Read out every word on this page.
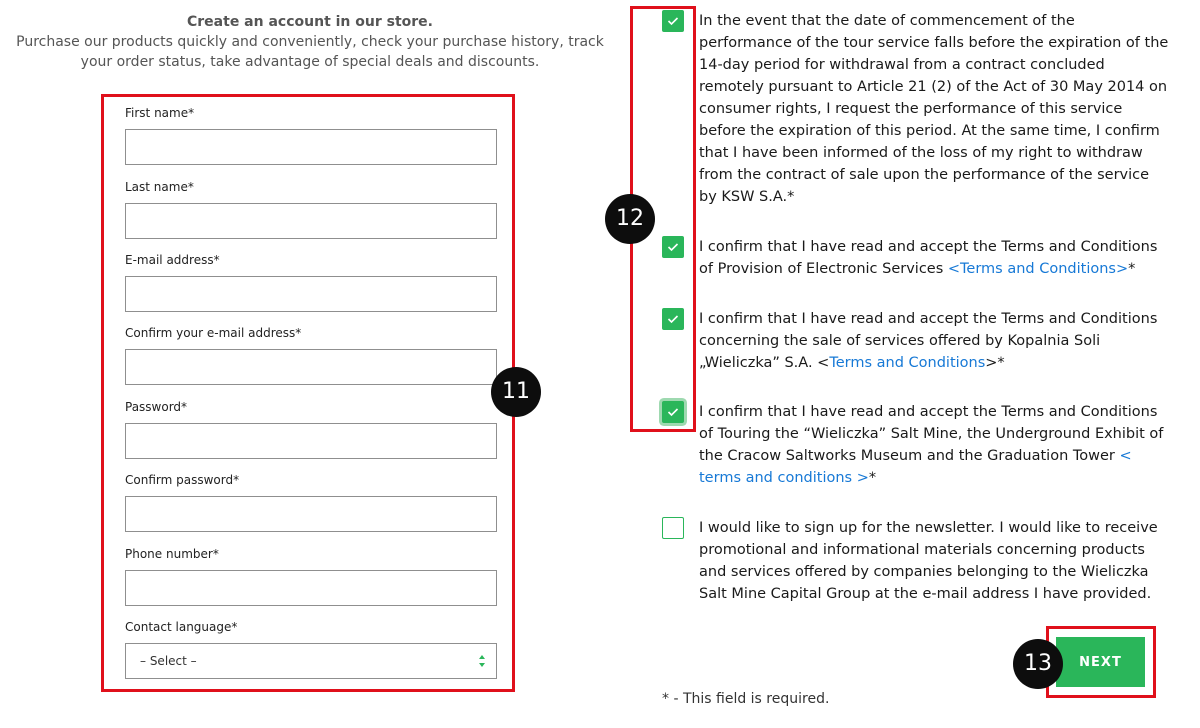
Create an account in our store.
Purchase our products quickly and conveniently, check your purchase history, track your order status, take advantage of special deals and discounts.
First name*
Last name*
E-mail address*
Confirm your e-mail address*
Password*
Confirm password*
Phone number*
Contact language*
– Select –
11
In the event that the date of commencement of the performance of the tour service falls before the expiration of the 14-day period for withdrawal from a contract concluded remotely pursuant to Article 21 (2) of the Act of 30 May 2014 on consumer rights, I request the performance of this service before the expiration of this period. At the same time, I confirm that I have been informed of the loss of my right to withdraw from the contract of sale upon the performance of the service by KSW S.A.*
I confirm that I have read and accept the Terms and Conditions of Provision of Electronic Services <Terms and Conditions>*
I confirm that I have read and accept the Terms and Conditions concerning the sale of services offered by Kopalnia Soli „Wieliczka” S.A. <Terms and Conditions>*
I confirm that I have read and accept the Terms and Conditions of Touring the “Wieliczka” Salt Mine, the Underground Exhibit of the Cracow Saltworks Museum and the Graduation Tower < terms and conditions >*
I would like to sign up for the newsletter. I would like to receive promotional and informational materials concerning products and services offered by companies belonging to the Wieliczka Salt Mine Capital Group at the e-mail address I have provided.
12
NEXT
13
* - This field is required.
